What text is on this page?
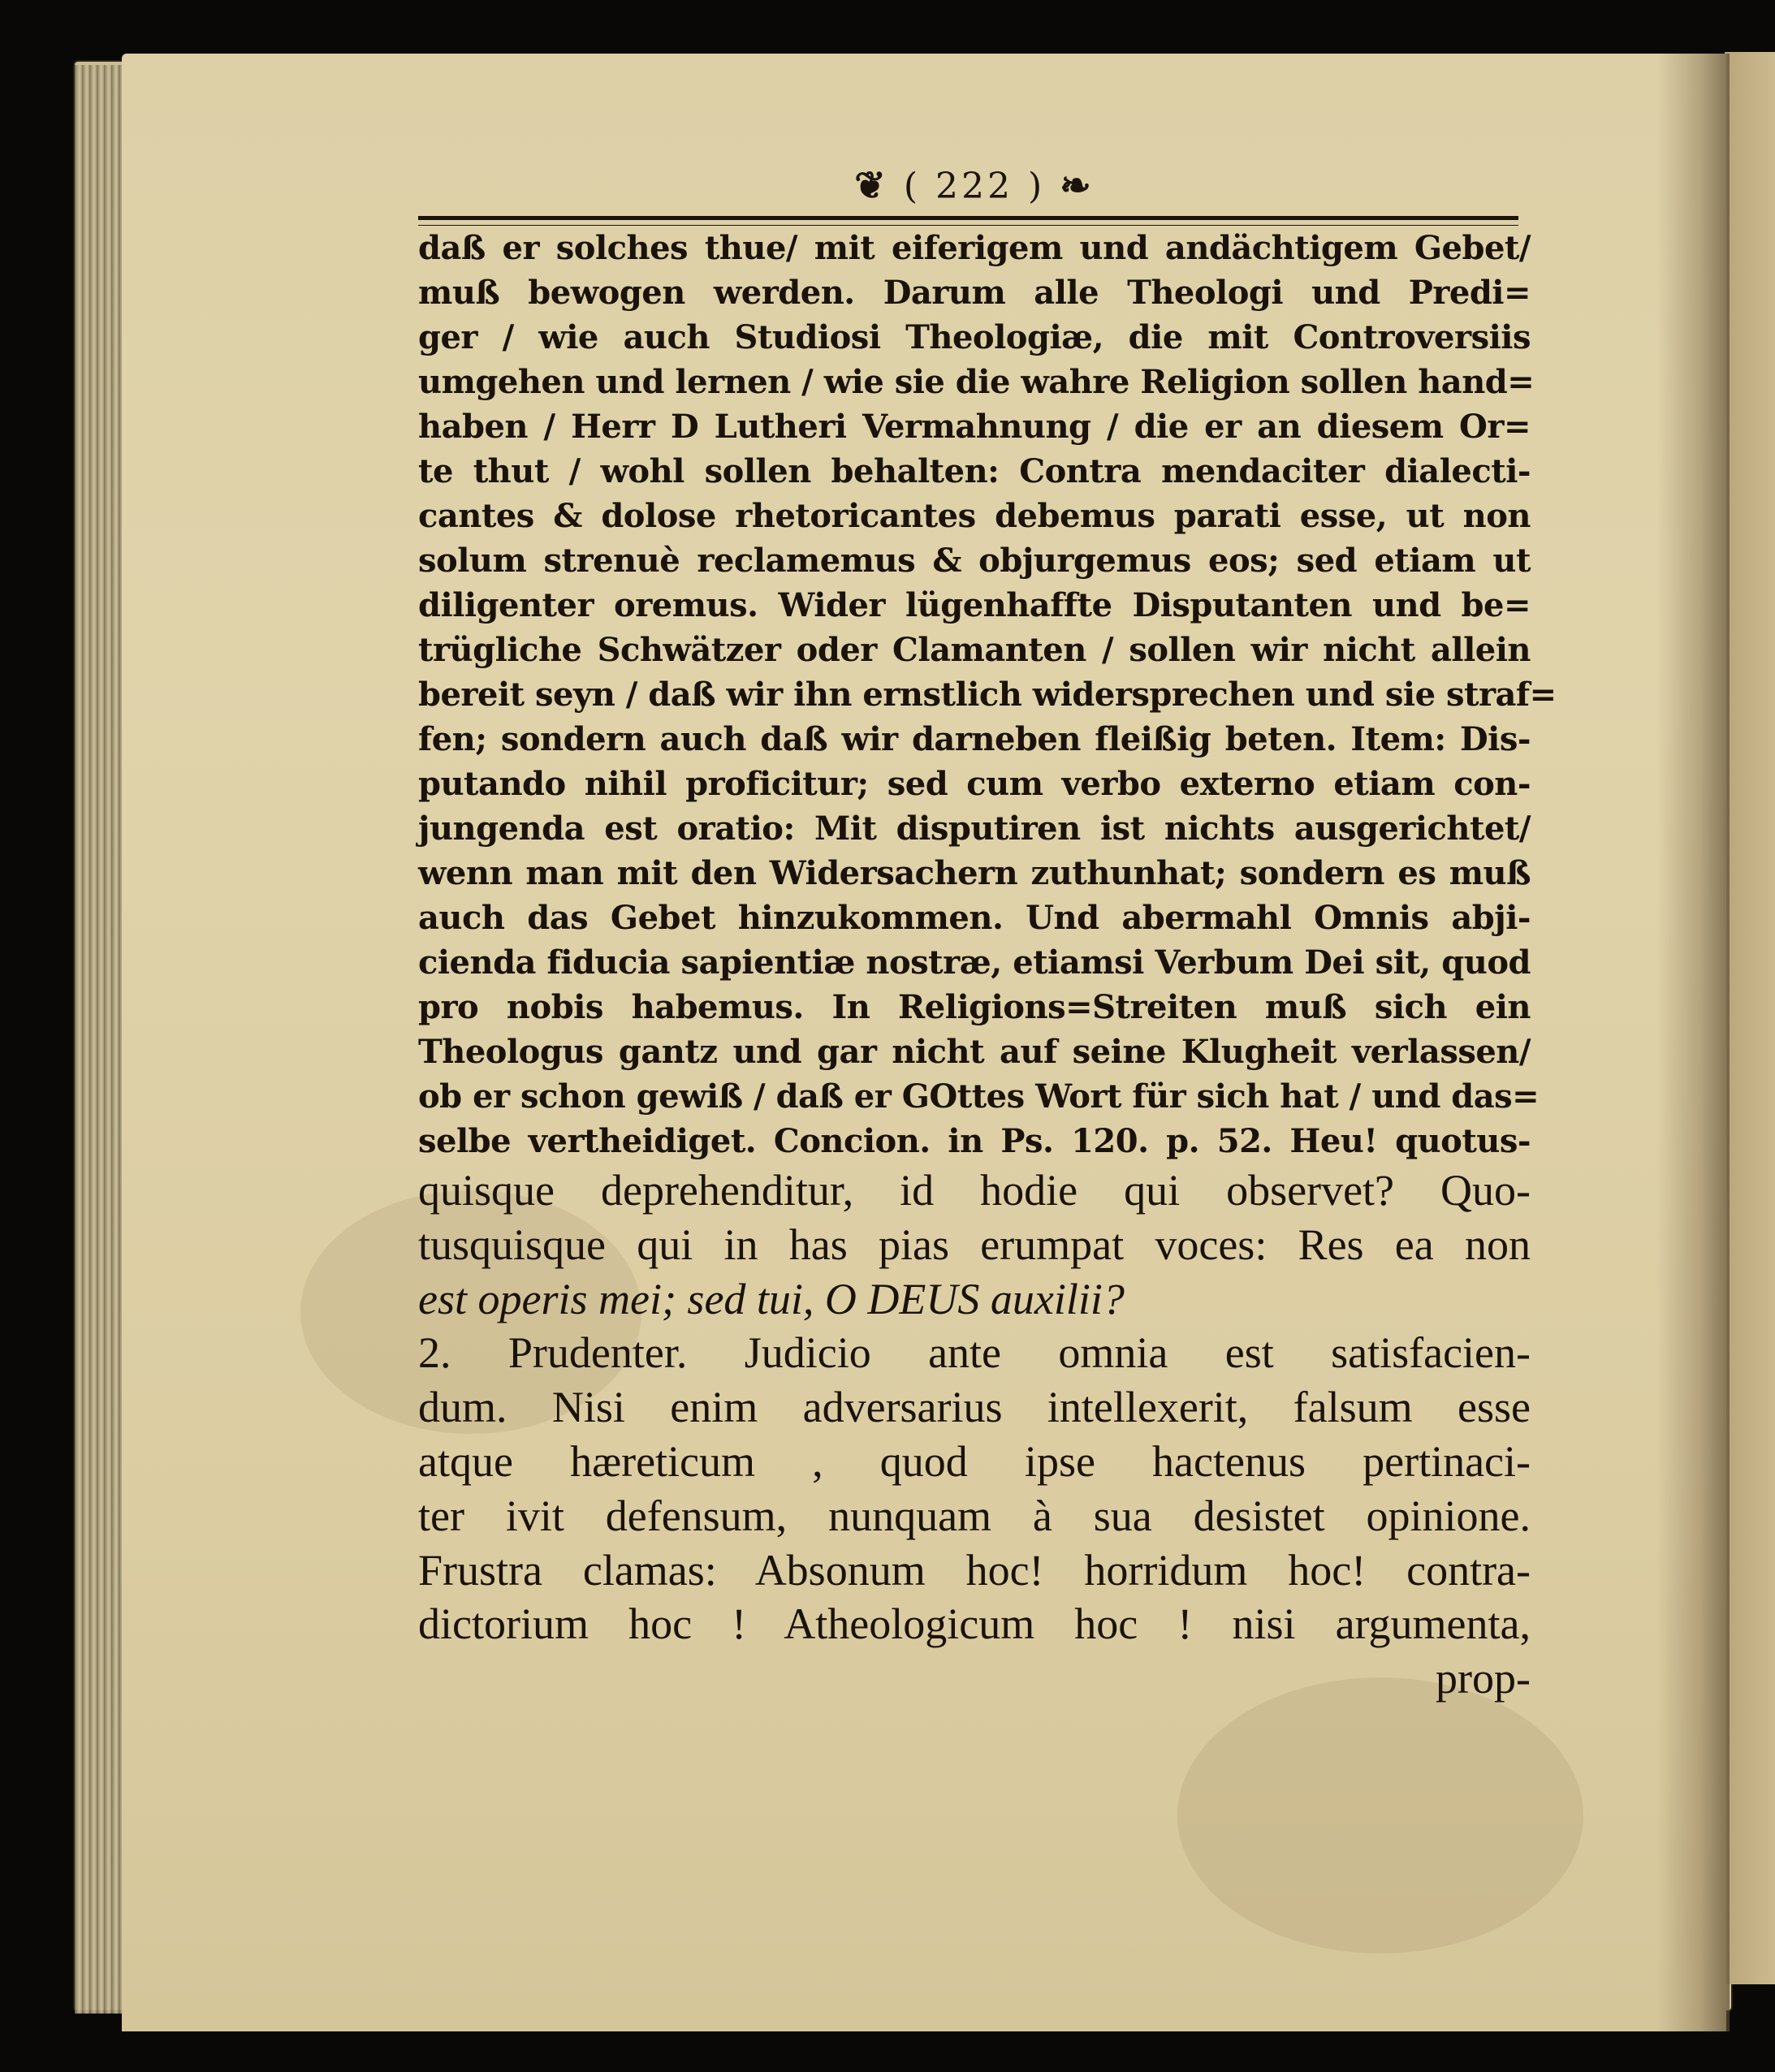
❦ ( 222 ) ❧
daß er solches thue/ mit eiferigem und andächtigem Gebet/
muß bewogen werden. Darum alle Theologi und Predi=
ger / wie auch Studiosi Theologiæ, die mit Controversiis
umgehen und lernen / wie sie die wahre Religion sollen hand=
haben / Herr D Lutheri Vermahnung / die er an diesem Or=
te thut / wohl sollen behalten: Contra mendaciter dialecti-
cantes & dolose rhetoricantes debemus parati esse, ut non
solum strenuè reclamemus & objurgemus eos; sed etiam ut
diligenter oremus. Wider lügenhaffte Disputanten und be=
trügliche Schwätzer oder Clamanten / sollen wir nicht allein
bereit seyn / daß wir ihn ernstlich widersprechen und sie straf=
fen; sondern auch daß wir darneben fleißig beten. Item: Dis-
putando nihil proficitur; sed cum verbo externo etiam con-
jungenda est oratio: Mit disputiren ist nichts ausgerichtet/
wenn man mit den Widersachern zuthunhat; sondern es muß
auch das Gebet hinzukommen. Und abermahl Omnis abji-
cienda fiducia sapientiæ nostræ, etiamsi Verbum Dei sit, quod
pro nobis habemus. In Religions=Streiten muß sich ein
Theologus gantz und gar nicht auf seine Klugheit verlassen/
ob er schon gewiß / daß er GOttes Wort für sich hat / und das=
selbe vertheidiget. Concion. in Ps. 120. p. 52. Heu! quotus-
quisque deprehenditur, id hodie qui observet? Quo-
tusquisque qui in has pias erumpat voces: Res ea non
est operis mei; sed tui, O DEUS auxilii?
2. Prudenter. Judicio ante omnia est satisfacien-
dum. Nisi enim adversarius intellexerit, falsum esse
atque hæreticum , quod ipse hactenus pertinaci-
ter ivit defensum, nunquam à sua desistet opinione.
Frustra clamas: Absonum hoc! horridum hoc! contra-
dictorium hoc ! Atheologicum hoc ! nisi argumenta,
prop-
